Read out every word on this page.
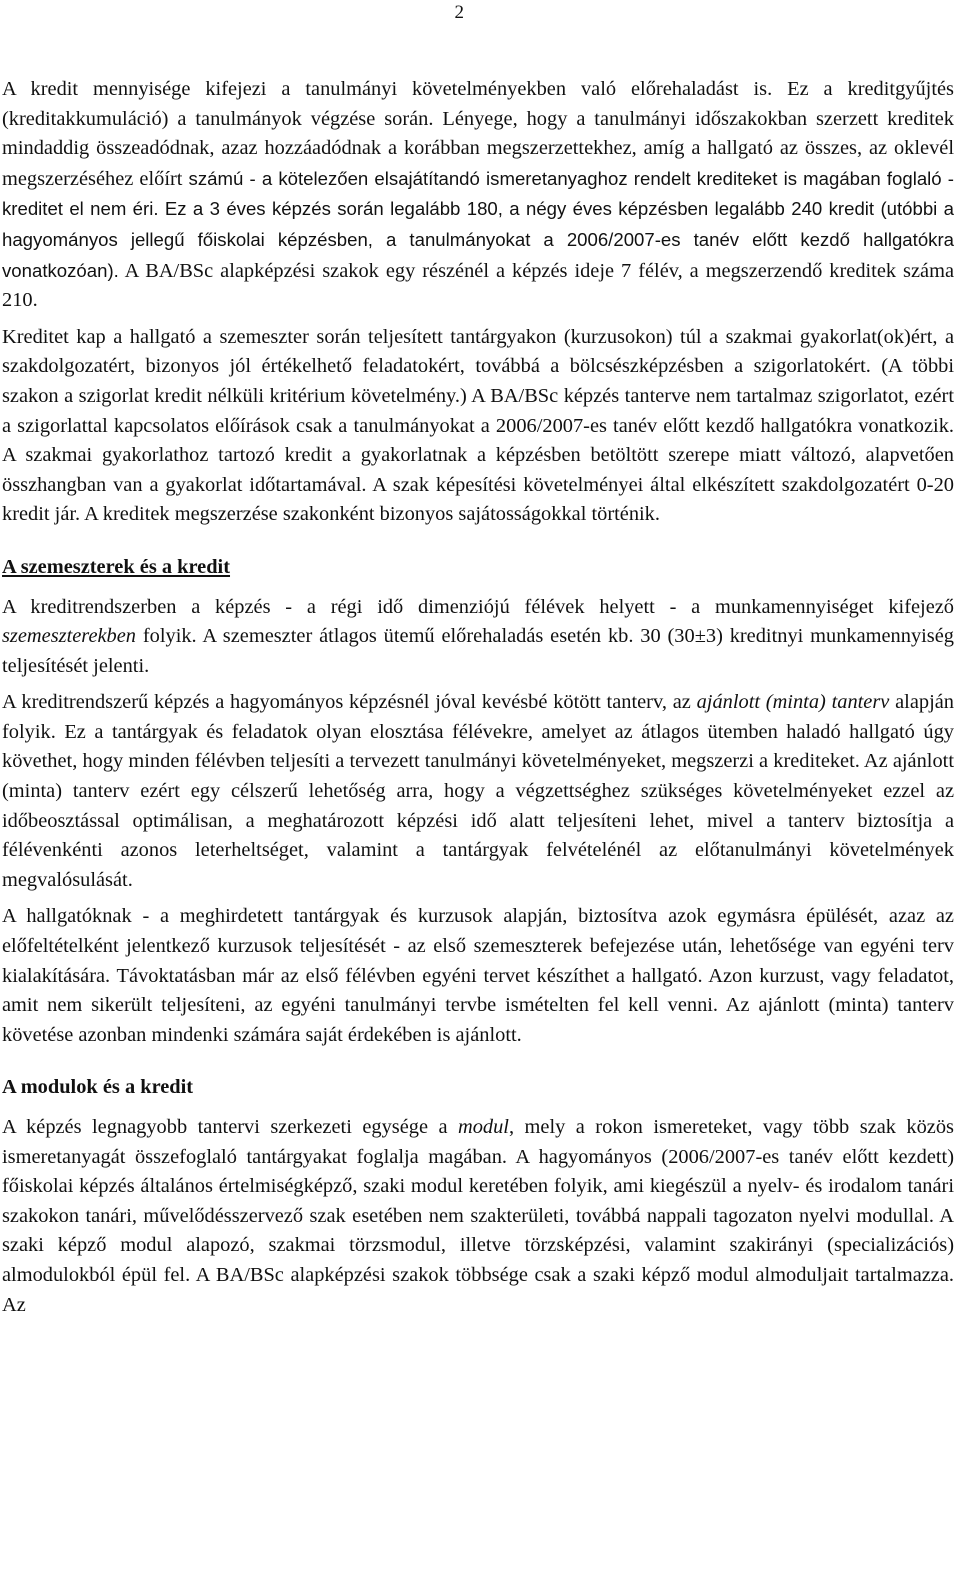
2

A kredit mennyisége kifejezi a tanulmányi követelményekben való előrehaladást is. Ez a kreditgyűjtés (kreditakkumuláció) a tanulmányok végzése során. Lényege, hogy a tanulmányi időszakokban szerzett kreditek mindaddig összeadódnak, azaz hozzáadódnak a korábban megszerzettekhez, amíg a hallgató az összes, az oklevél megszerzéséhez előírt számú - a kötelezően elsajátítandó ismeretanyaghoz rendelt krediteket is magában foglaló - kreditet el nem éri. Ez a 3 éves képzés során legalább 180, a négy éves képzésben legalább 240 kredit (utóbbi a hagyományos jellegű főiskolai képzésben, a tanulmányokat a 2006/2007-es tanév előtt kezdő hallgatókra vonatkozóan). A BA/BSc alapképzési szakok egy részénél a képzés ideje 7 félév, a megszerzendő kreditek száma 210.

Kreditet kap a hallgató a szemeszter során teljesített tantárgyakon (kurzusokon) túl a szakmai gyakorlat(ok)ért, a szakdolgozatért, bizonyos jól értékelhető feladatokért, továbbá a bölcsészképzésben a szigorlatokért. (A többi szakon a szigorlat kredit nélküli kritérium követelmény.) A BA/BSc képzés tanterve nem tartalmaz szigorlatot, ezért a szigorlattal kapcsolatos előírások csak a tanulmányokat a 2006/2007-es tanév előtt kezdő hallgatókra vonatkozik. A szakmai gyakorlathoz tartozó kredit a gyakorlatnak a képzésben betöltött szerepe miatt változó, alapvetően összhangban van a gyakorlat időtartamával. A szak képesítési követelményei által elkészített szakdolgozatért 0-20 kredit jár. A kreditek megszerzése szakonként bizonyos sajátosságokkal történik.

A szemeszterek és a kredit

A kreditrendszerben a képzés - a régi idő dimenziójú félévek helyett - a munkamennyiséget kifejező szemeszterekben folyik. A szemeszter átlagos ütemű előrehaladás esetén kb. 30 (30±3) kreditnyi munkamennyiség teljesítését jelenti.

A kreditrendszerű képzés a hagyományos képzésnél jóval kevésbé kötött tanterv, az ajánlott (minta) tanterv alapján folyik. Ez a tantárgyak és feladatok olyan elosztása félévekre, amelyet az átlagos ütemben haladó hallgató úgy követhet, hogy minden félévben teljesíti a tervezett tanulmányi követelményeket, megszerzi a krediteket. Az ajánlott (minta) tanterv ezért egy célszerű lehetőség arra, hogy a végzettséghez szükséges követelményeket ezzel az időbeosztással optimálisan, a meghatározott képzési idő alatt teljesíteni lehet, mivel a tanterv biztosítja a félévenkénti azonos leterheltséget, valamint a tantárgyak felvételénél az előtanulmányi követelmények megvalósulását.

A hallgatóknak - a meghirdetett tantárgyak és kurzusok alapján, biztosítva azok egymásra épülését, azaz az előfeltételként jelentkező kurzusok teljesítését - az első szemeszterek befejezése után, lehetősége van egyéni terv kialakítására. Távoktatásban már az első félévben egyéni tervet készíthet a hallgató. Azon kurzust, vagy feladatot, amit nem sikerült teljesíteni, az egyéni tanulmányi tervbe ismételten fel kell venni. Az ajánlott (minta) tanterv követése azonban mindenki számára saját érdekében is ajánlott.

A modulok és a kredit

A képzés legnagyobb tantervi szerkezeti egysége a modul, mely a rokon ismereteket, vagy több szak közös ismeretanyagát összefoglaló tantárgyakat foglalja magában. A hagyományos (2006/2007-es tanév előtt kezdett) főiskolai képzés általános értelmiségképző, szaki modul keretében folyik, ami kiegészül a nyelv- és irodalom tanári szakokon tanári, művelődésszervező szak esetében nem szakterületi, továbbá nappali tagozaton nyelvi modullal. A szaki képző modul alapozó, szakmai törzsmodul, illetve törzsképzési, valamint szakirányi (specializációs) almodulokból épül fel. A BA/BSc alapképzési szakok többsége csak a szaki képző modul almoduljait tartalmazza. Az
